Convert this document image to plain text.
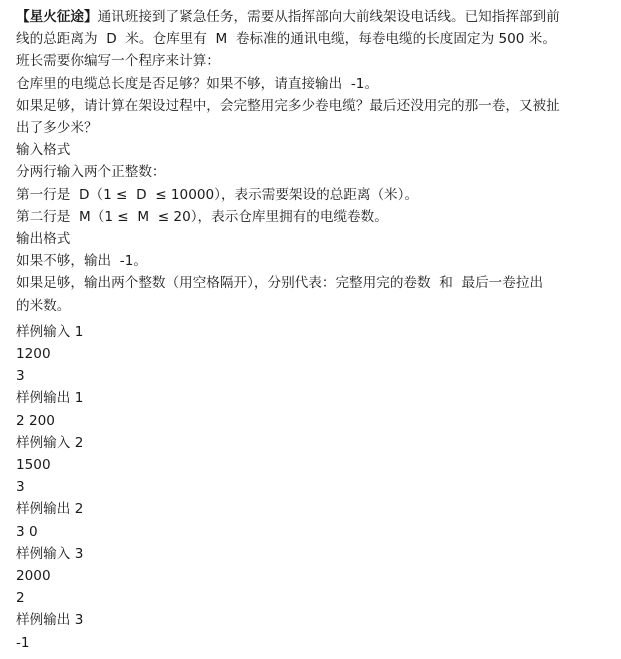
【星火征途】通讯班接到了紧急任务，需要从指挥部向大前线架设电话线。已知指挥部到前

线的总距离为  D  米。仓库里有  M  卷标准的通讯电缆，每卷电缆的长度固定为 500 米。

班长需要你编写一个程序来计算：

仓库里的电缆总长度是否足够？如果不够，请直接输出  -1。

如果足够，请计算在架设过程中，会完整用完多少卷电缆？最后还没用完的那一卷，又被扯

出了多少米？

输入格式

分两行输入两个正整数：

第一行是  D（1 ≤  D  ≤ 10000），表示需要架设的总距离（米）。

第二行是  M（1 ≤  M  ≤ 20），表示仓库里拥有的电缆卷数。

输出格式

如果不够，输出  -1。

如果足够，输出两个整数（用空格隔开），分别代表：完整用完的卷数  和  最后一卷拉出

的米数。

样例输入 1

1200

3

样例输出 1

2 200

样例输入 2

1500

3

样例输出 2

3 0

样例输入 3

2000

2

样例输出 3

-1
